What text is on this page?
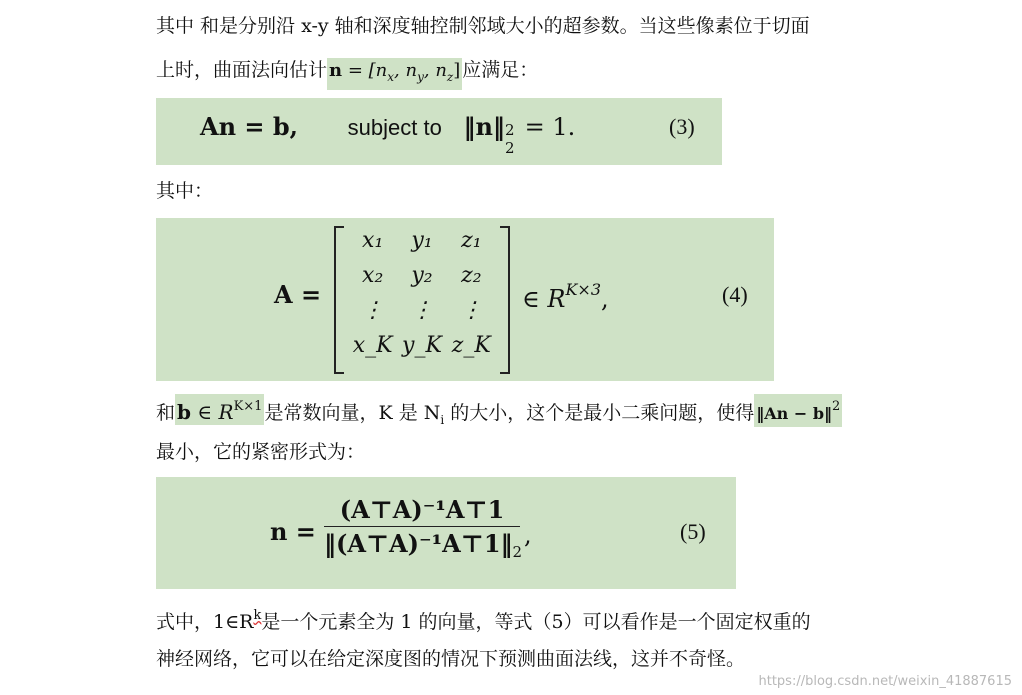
其中 和是分别沿 x-y 轴和深度轴控制邻域大小的超参数。当这些像素位于切面
上时，曲面法向估计 $n = [n_x$, $n_y$, $n_z$] 应满足：
An = b, subject to ‖n‖ 2
2
= 1.	(3)
其中：
A =
x₁	y₁	z₁
x₂	y₂	z₂
⋮	⋮	⋮
x_K y_K z_K
∈ $R^{K\times 3}$,	(4)
和 b ∈ $R^{K\times 1}$ 是常数向量，K 是 $N_i$ 的大小，这个是最小二乘问题，使得 ‖An − b‖$^2$
最小，它的紧密形式为：
n =
(A⊤A)⁻¹A⊤1
$‖(A⊤A)^{-1}A⊤1‖_2$
,	(5)
式中，$1\in R^k$是一个元素全为 1 的向量，等式（5）可以看作是一个固定权重的
神经网络，它可以在给定深度图的情况下预测曲面法线，这并不奇怪。
https://blog.csdn.net/weixin_41887615
